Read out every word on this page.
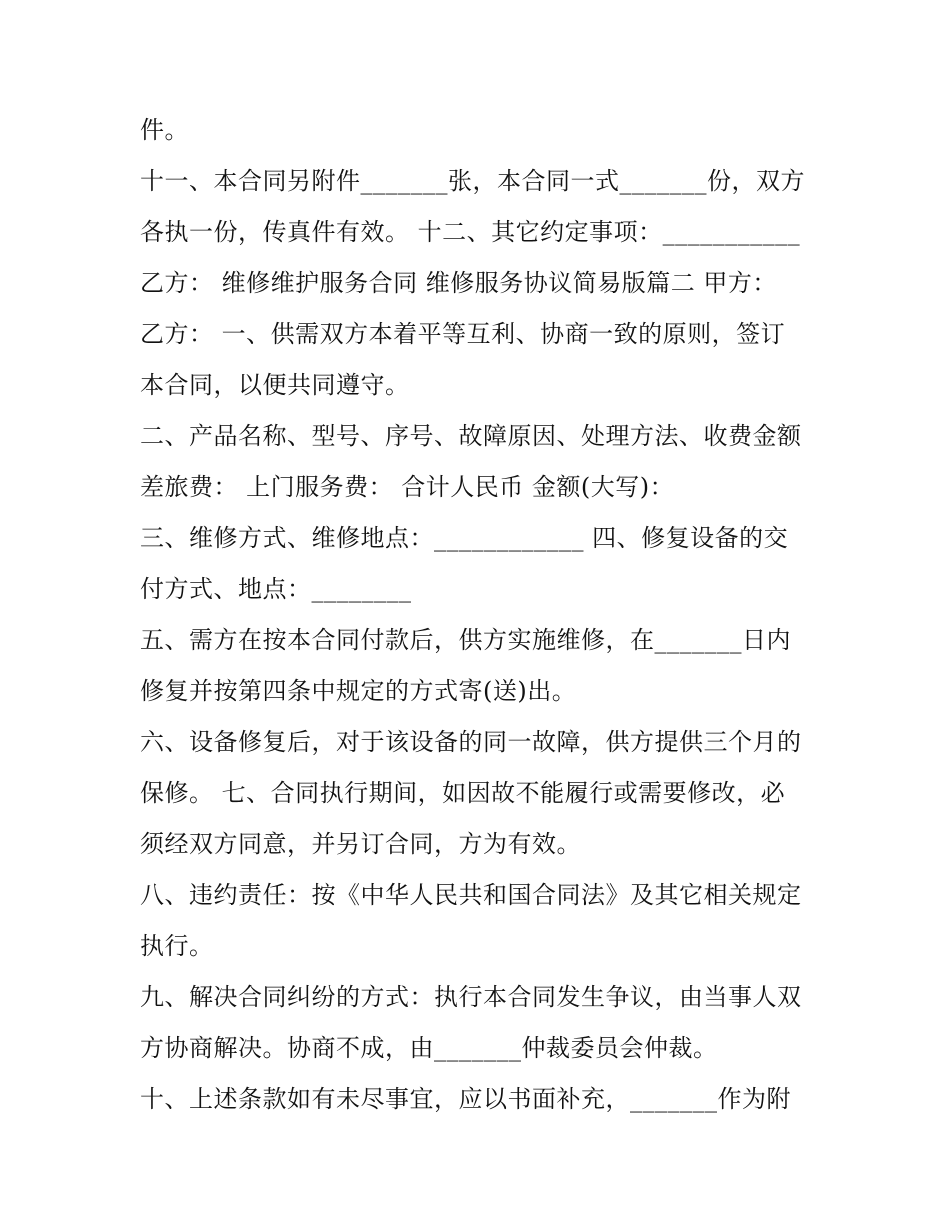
件。
十一、本合同另附件_______张，本合同一式_______份，双方
各执一份，传真件有效。 十二、其它约定事项：___________
乙方： 维修维护服务合同 维修服务协议简易版篇二 甲方：
乙方： 一、供需双方本着平等互利、协商一致的原则，签订
本合同，以便共同遵守。
二、产品名称、型号、序号、故障原因、处理方法、收费金额
差旅费： 上门服务费： 合计人民币 金额(大写)：
三、维修方式、维修地点：____________ 四、修复设备的交
付方式、地点：________
五、需方在按本合同付款后，供方实施维修，在_______日内
修复并按第四条中规定的方式寄(送)出。
六、设备修复后，对于该设备的同一故障，供方提供三个月的
保修。 七、合同执行期间，如因故不能履行或需要修改，必
须经双方同意，并另订合同，方为有效。
八、违约责任：按《中华人民共和国合同法》及其它相关规定
执行。
九、解决合同纠纷的方式：执行本合同发生争议，由当事人双
方协商解决。协商不成，由_______仲裁委员会仲裁。
十、上述条款如有未尽事宜，应以书面补充，_______作为附
